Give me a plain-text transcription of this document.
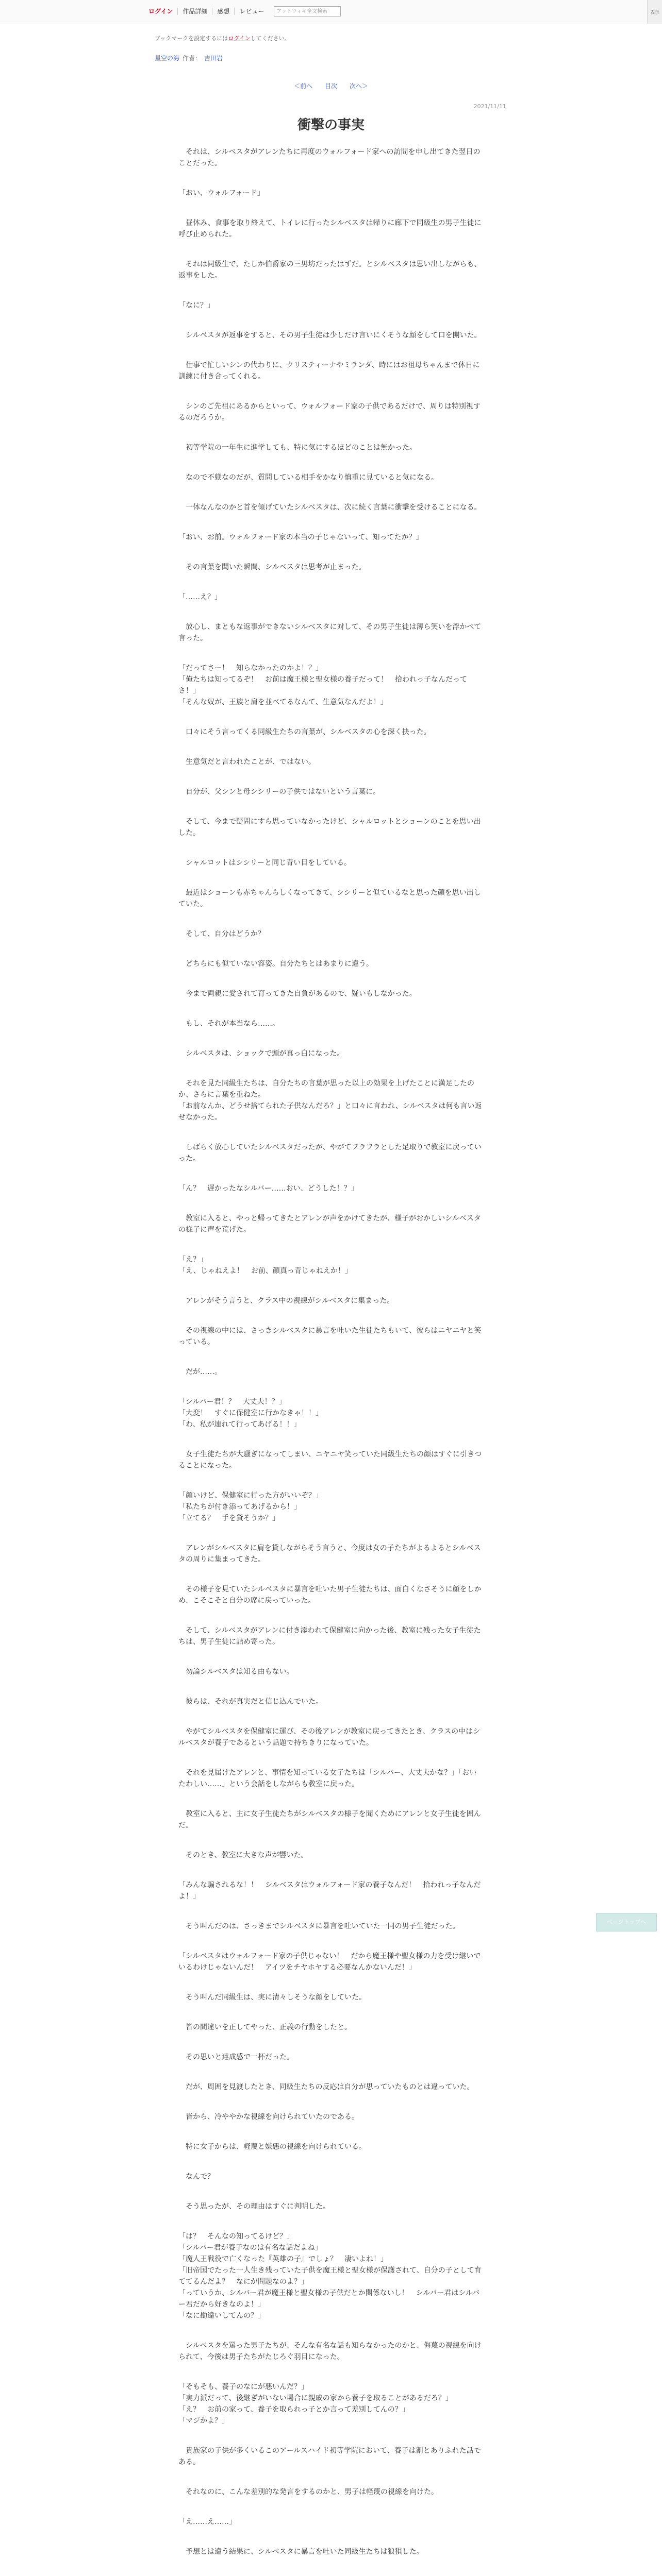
ログイン	作品詳細	感想	レビュー
アットウィキ全文検索	表示
ブックマークを設定するにはログインしてください。
星空の海 作者： 吉田岩
＜前へ 目次 次へ＞
2021/11/11
衝撃の事実

　それは、シルベスタがアレンたちに再度のウォルフォード家への訪問を申し出てきた翌日のことだった。

「おい、ウォルフォード」

　昼休み、食事を取り終えて、トイレに行ったシルベスタは帰りに廊下で同級生の男子生徒に呼び止められた。

　それは同級生で、たしか伯爵家の三男坊だったはずだ。とシルベスタは思い出しながらも、返事をした。

「なに？」

　シルベスタが返事をすると、その男子生徒は少しだけ言いにくそうな顔をして口を開いた。

　仕事で忙しいシンの代わりに、クリスティーナやミランダ、時にはお祖母ちゃんまで休日に訓練に付き合ってくれる。

　シンのご先祖にあるからといって、ウォルフォード家の子供であるだけで、周りは特別視するのだろうか。

　初等学院の一年生に進学しても、特に気にするほどのことは無かった。

　なので不躾なのだが、質問している相手をかなり慎重に見ていると気になる。

　一体なんなのかと首を傾げていたシルベスタは、次に続く言葉に衝撃を受けることになる。

「おい、お前。ウォルフォード家の本当の子じゃないって、知ってたか？」

　その言葉を聞いた瞬間、シルベスタは思考が止まった。

「……え？」

　放心し、まともな返事ができないシルベスタに対して、その男子生徒は薄ら笑いを浮かべて言った。

「だってさー！　知らなかったのかよ！？」
「俺たちは知ってるぞ！　お前は魔王様と聖女様の養子だって！　拾われっ子なんだってさ！」
「そんな奴が、王族と肩を並べてるなんて、生意気なんだよ！」

　口々にそう言ってくる同級生たちの言葉が、シルベスタの心を深く抉った。

　生意気だと言われたことが、ではない。

　自分が、父シンと母シシリーの子供ではないという言葉に。

　そして、今まで疑問にすら思っていなかったけど、シャルロットとショーンのことを思い出した。

　シャルロットはシシリーと同じ青い目をしている。

　最近はショーンも赤ちゃんらしくなってきて、シシリーと似ているなと思った顔を思い出していた。

　そして、自分はどうか？

　どちらにも似ていない容姿。自分たちとはあまりに違う。

　今まで両親に愛されて育ってきた自負があるので、疑いもしなかった。

　もし、それが本当なら……。

　シルベスタは、ショックで頭が真っ白になった。

　それを見た同級生たちは、自分たちの言葉が思った以上の効果を上げたことに満足したのか、さらに言葉を重ねた。
「お前なんか、どうせ捨てられた子供なんだろ？」と口々に言われ、シルベスタは何も言い返せなかった。

　しばらく放心していたシルベスタだったが、やがてフラフラとした足取りで教室に戻っていった。

「ん？　遅かったなシルバー……おい、どうした！？」

　教室に入ると、やっと帰ってきたとアレンが声をかけてきたが、様子がおかしいシルベスタの様子に声を荒げた。

「え？」
「え、じゃねえよ！　お前、顔真っ青じゃねえか！」

　アレンがそう言うと、クラス中の視線がシルベスタに集まった。

　その視線の中には、さっきシルベスタに暴言を吐いた生徒たちもいて、彼らはニヤニヤと笑っている。

　だが……。

「シルバー君！？　大丈夫！？」
「大変！　すぐに保健室に行かなきゃ！！」
「わ、私が連れて行ってあげる！！」

　女子生徒たちが大騒ぎになってしまい、ニヤニヤ笑っていた同級生たちの顔はすぐに引きつることになった。

「顔いけど、保健室に行った方がいいぞ？」
「私たちが付き添ってあげるから！」
「立てる？　手を貸そうか？」

　アレンがシルベスタに肩を貸しながらそう言うと、今度は女の子たちがよるよるとシルベスタの周りに集まってきた。

　その様子を見ていたシルベスタに暴言を吐いた男子生徒たちは、面白くなさそうに顔をしかめ、こそこそと自分の席に戻っていった。

　そして、シルベスタがアレンに付き添われて保健室に向かった後、教室に残った女子生徒たちは、男子生徒に詰め寄った。

　勿論シルベスタは知る由もない。

　彼らは、それが真実だと信じ込んでいた。

　やがてシルベスタを保健室に運び、その後アレンが教室に戻ってきたとき、クラスの中はシルベスタが養子であるという話題で持ちきりになっていた。

　それを見届けたアレンと、事情を知っている女子たちは「シルバー、大丈夫かな？」「おいたわしい……」という会話をしながらも教室に戻った。

　教室に入ると、主に女子生徒たちがシルベスタの様子を聞くためにアレンと女子生徒を囲んだ。

　そのとき、教室に大きな声が響いた。

「みんな騙されるな！！　シルベスタはウォルフォード家の養子なんだ！　拾われっ子なんだよ！」

　そう叫んだのは、さっきまでシルベスタに暴言を吐いていた一同の男子生徒だった。

「シルベスタはウォルフォード家の子供じゃない！　だから魔王様や聖女様の力を受け継いでいるわけじゃないんだ！　アイツをチヤホヤする必要なんかないんだ！」

　そう叫んだ同級生は、実に清々しそうな顔をしていた。

　皆の間違いを正してやった、正義の行動をしたと。

　その思いと達成感で一杯だった。

　だが、周囲を見渡したとき、同級生たちの反応は自分が思っていたものとは違っていた。

　皆から、冷ややかな視線を向けられていたのである。

　特に女子からは、軽蔑と嫌悪の視線を向けられている。

　なんで？

　そう思ったが、その理由はすぐに判明した。

「は？　そんなの知ってるけど？」
「シルバー君が養子なのは有名な話だよね」
「魔人王戦役で亡くなった『英雄の子』でしょ？　凄いよね！」
「旧帝国でたった一人生き残っていた子供を魔王様と聖女様が保護されて、自分の子として育ててるんだよ？　なにが問題なのよ？」
「っていうか、シルバー君が魔王様と聖女様の子供だとか関係ないし！　シルバー君はシルバー君だから好きなのよ！」
「なに勘違いしてんの？」

　シルベスタを罵った男子たちが、そんな有名な話も知らなかったのかと、侮蔑の視線を向けられて、今後は男子たちがたじろぐ羽目になった。

「そもそも、養子のなにが悪いんだ？」
「実力派だって、後継ぎがいない場合に親戚の家から養子を取ることがあるだろ？」
「え？　お前の家って、養子を取られっ子とか言って差別してんの？」
「マジかよ？」

　貴族家の子供が多くいるこのアールスハイド初等学院において、養子は割とありふれた話である。

　それなのに、こんな差別的な発言をするのかと、男子は軽蔑の視線を向けた。

「え……え……」

　予想とは違う結果に、シルベスタに暴言を吐いた同級生たちは狼狽した。

ページトップへ
